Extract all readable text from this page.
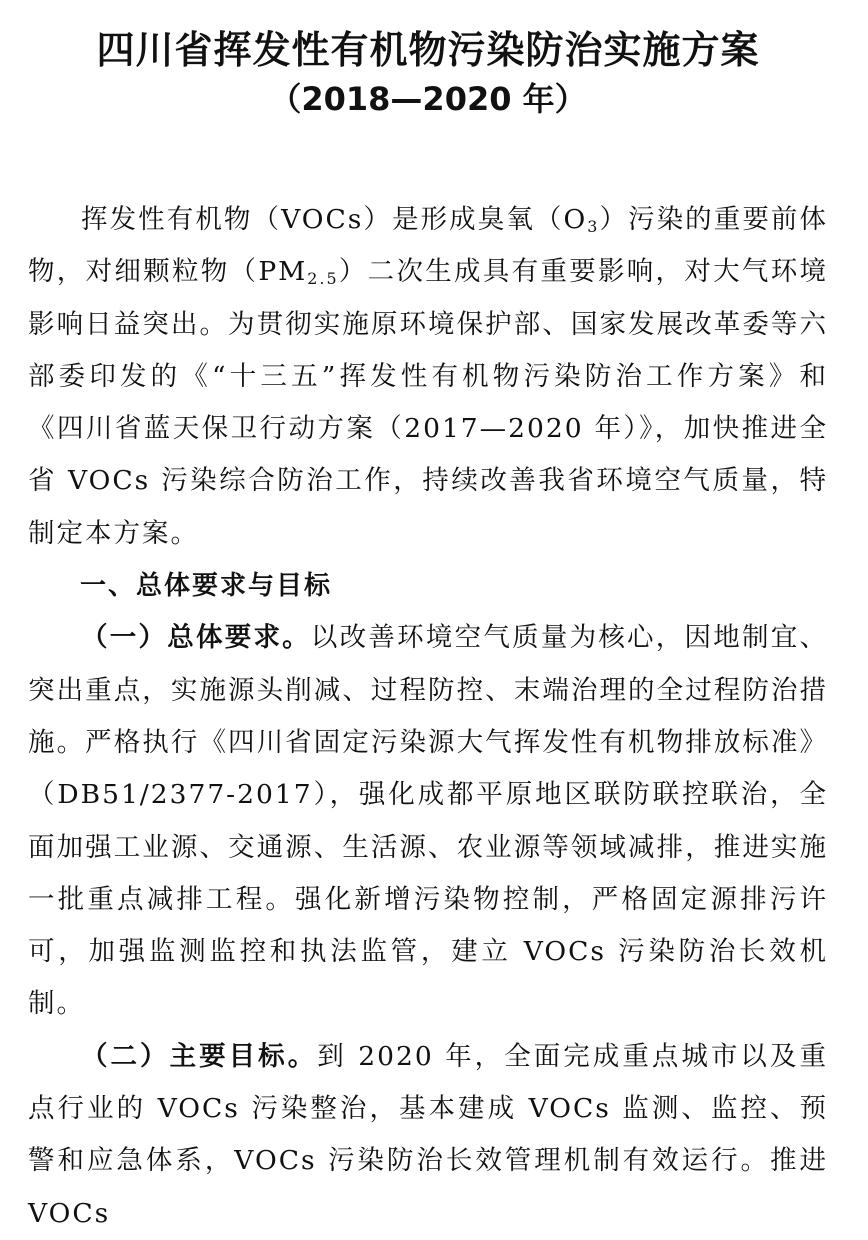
四川省挥发性有机物污染防治实施方案
（2018—2020 年）

挥发性有机物（VOCs）是形成臭氧$(O_3)$污染的重要前体物，对细颗粒物$(PM_{2.5})$二次生成具有重要影响，对大气环境影响日益突出。为贯彻实施原环境保护部、国家发展改革委等六部委印发的《“十三五”挥发性有机物污染防治工作方案》和《四川省蓝天保卫行动方案（2017—2020 年）》，加快推进全省 VOCs 污染综合防治工作，持续改善我省环境空气质量，特制定本方案。

一、总体要求与目标

（一）总体要求。以改善环境空气质量为核心，因地制宜、突出重点，实施源头削减、过程防控、末端治理的全过程防治措施。严格执行《四川省固定污染源大气挥发性有机物排放标准》（DB51/2377-2017），强化成都平原地区联防联控联治，全面加强工业源、交通源、生活源、农业源等领域减排，推进实施一批重点减排工程。强化新增污染物控制，严格固定源排污许可，加强监测监控和执法监管，建立 VOCs 污染防治长效机制。

（二）主要目标。到 2020 年，全面完成重点城市以及重点行业的 VOCs 污染整治，基本建成 VOCs 监测、监控、预警和应急体系，VOCs 污染防治长效管理机制有效运行。推进 VOCs
